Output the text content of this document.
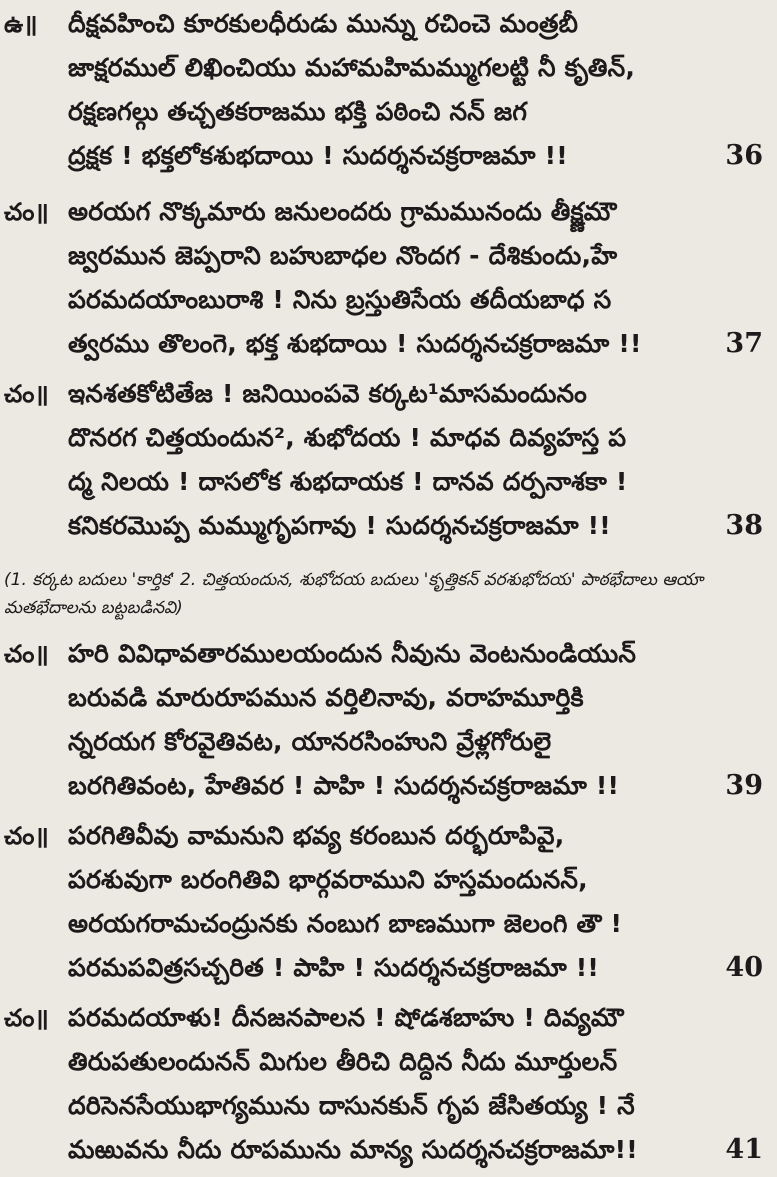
ఉ॥ దీక్షవహించి కూరకులధీరుడు మున్ను రచించె మంత్రబీ
జాక్షరముల్ లిఖించియు మహామహిమమ్ముగలట్టి నీ కృతిన్,
రక్షణగల్గు తచ్చతకరాజము భక్తి పఠించి నన్ జగ
ద్రక్షక ! భక్తలోకశుభదాయి ! సుదర్శనచక్రరాజమా !!	36
చం॥ అరయగ నొక్కమారు జనులందరు గ్రామమునందు తీక్ష్ణమౌ
జ్వరమున జెప్పరాని బహుబాధల నొందగ - దేశికుందు,హే
పరమదయాంబురాశి ! నిను బ్రస్తుతిసేయ తదీయబాధ స
త్వరము తొలంగె, భక్త శుభదాయి ! సుదర్శనచక్రరాజమా !!	37
చం॥ ఇనశతకోటితేజ ! జనియింపవె కర్కట¹మాసమందునం
దొనరగ చిత్తయందున², శుభోదయ ! మాధవ దివ్యహస్త ప
ద్మ నిలయ ! దాసలోక శుభదాయక ! దానవ దర్పనాశకా !
కనికరమొప్ప మమ్ముగృపగావు ! సుదర్శనచక్రరాజమా !!	38
(1. కర్కట బదులు 'కార్తిక' 2. చిత్తయందున, శుభోదయ బదులు 'కృత్తికన్ వరశుభోదయ' పాఠభేదాలు ఆయా మతభేదాలను బట్టబడినవి)
చం॥ హరి వివిధావతారములయందున నీవును వెంటనుండియున్
బరువడి మారురూపమున వర్తిలినావు, వరాహమూర్తికి
న్నరయగ కోరవైతివట, యానరసింహుని వ్రేళ్లగోరులై
బరగితివంట, హేతివర ! పాహి ! సుదర్శనచక్రరాజమా !!	39
చం॥ పరగితివీవు వామనుని భవ్య కరంబున దర్భరూపివై,
పరశువుగా బరంగితివి భార్గవరాముని హస్తమందునన్,
అరయగరామచంద్రునకు నంబుగ బాణముగా జెలంగి తౌ !
పరమపవిత్రసచ్చరిత ! పాహి ! సుదర్శనచక్రరాజమా !!	40
చం॥ పరమదయాళు! దీనజనపాలన ! షోడశబాహు ! దివ్యమౌ
తిరుపతులందునన్ మిగుల తీరిచి దిద్దిన నీదు మూర్తులన్
దరిసెనసేయుభాగ్యమును దాసునకున్ గృప జేసితయ్య ! నే
మఱువను నీదు రూపమును మాన్య సుదర్శనచక్రరాజమా!!	41
